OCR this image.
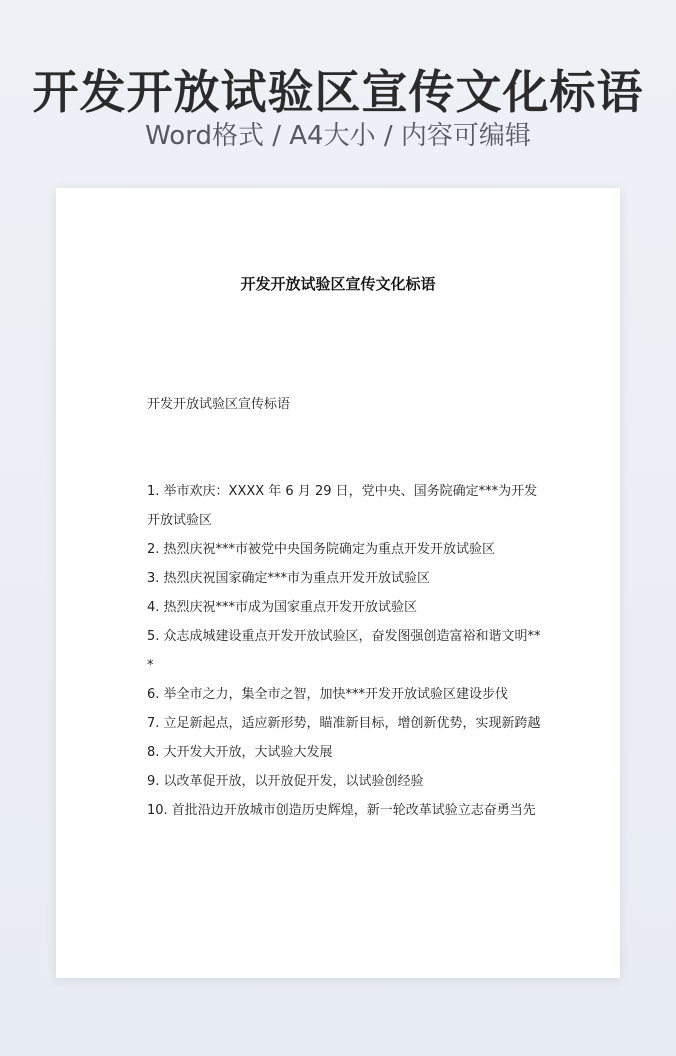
开发开放试验区宣传文化标语
Word格式 / A4大小 / 内容可编辑
开发开放试验区宣传文化标语
开发开放试验区宣传标语
1. 举市欢庆：XXXX 年 6 月 29 日，党中央、国务院确定***为开发开放试验区
2. 热烈庆祝***市被党中央国务院确定为重点开发开放试验区
3. 热烈庆祝国家确定***市为重点开发开放试验区
4. 热烈庆祝***市成为国家重点开发开放试验区
5. 众志成城建设重点开发开放试验区，奋发图强创造富裕和谐文明***
6. 举全市之力，集全市之智，加快***开发开放试验区建设步伐
7. 立足新起点，适应新形势，瞄准新目标，增创新优势，实现新跨越
8. 大开发大开放，大试验大发展
9. 以改革促开放，以开放促开发，以试验创经验
10. 首批沿边开放城市创造历史辉煌，新一轮改革试验立志奋勇当先
